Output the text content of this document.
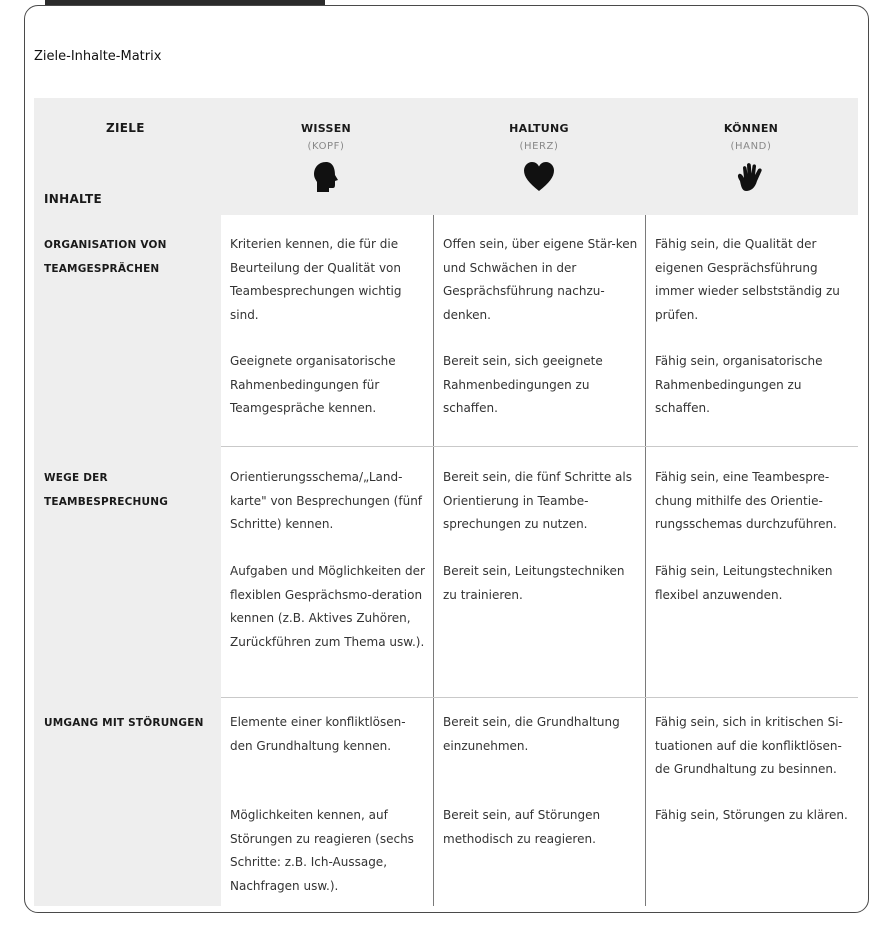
Ziele-Inhalte-Matrix
ZIELE
INHALTE
WISSEN
(KOPF)
HALTUNG
(HERZ)
KÖNNEN
(HAND)
ORGANISATION VON TEAMGESPRÄCHEN
WEGE DER TEAMBESPRECHUNG
UMGANG MIT STÖRUNGEN
Kriterien kennen, die für die Beurteilung der Qualität von Teambesprechungen wichtig sind.
Geeignete organisatorische Rahmenbedingungen für Teamgespräche kennen.
Offen sein, über eigene Stär-ken und Schwächen in der Gesprächsführung nachzu-denken.
Bereit sein, sich geeignete Rahmenbedingungen zu schaffen.
Fähig sein, die Qualität der eigenen Gesprächsführung immer wieder selbstständig zu prüfen.
Fähig sein, organisatorische Rahmenbedingungen zu schaffen.
Orientierungsschema/„Land-karte" von Besprechungen (fünf Schritte) kennen.
Aufgaben und Möglichkeiten der flexiblen Gesprächsmo-deration kennen (z.B. Aktives Zuhören, Zurückführen zum Thema usw.).
Bereit sein, die fünf Schritte als Orientierung in Teambe-sprechungen zu nutzen.
Bereit sein, Leitungstechniken zu trainieren.
Fähig sein, eine Teambespre-chung mithilfe des Orientie-rungsschemas durchzuführen.
Fähig sein, Leitungstechniken flexibel anzuwenden.
Elemente einer konfliktlösen-den Grundhaltung kennen.
Möglichkeiten kennen, auf Störungen zu reagieren (sechs Schritte: z.B. Ich-Aussage, Nachfragen usw.).
Bereit sein, die Grundhaltung einzunehmen.
Bereit sein, auf Störungen methodisch zu reagieren.
Fähig sein, sich in kritischen Si-tuationen auf die konfliktlösen-de Grundhaltung zu besinnen.
Fähig sein, Störungen zu klären.
